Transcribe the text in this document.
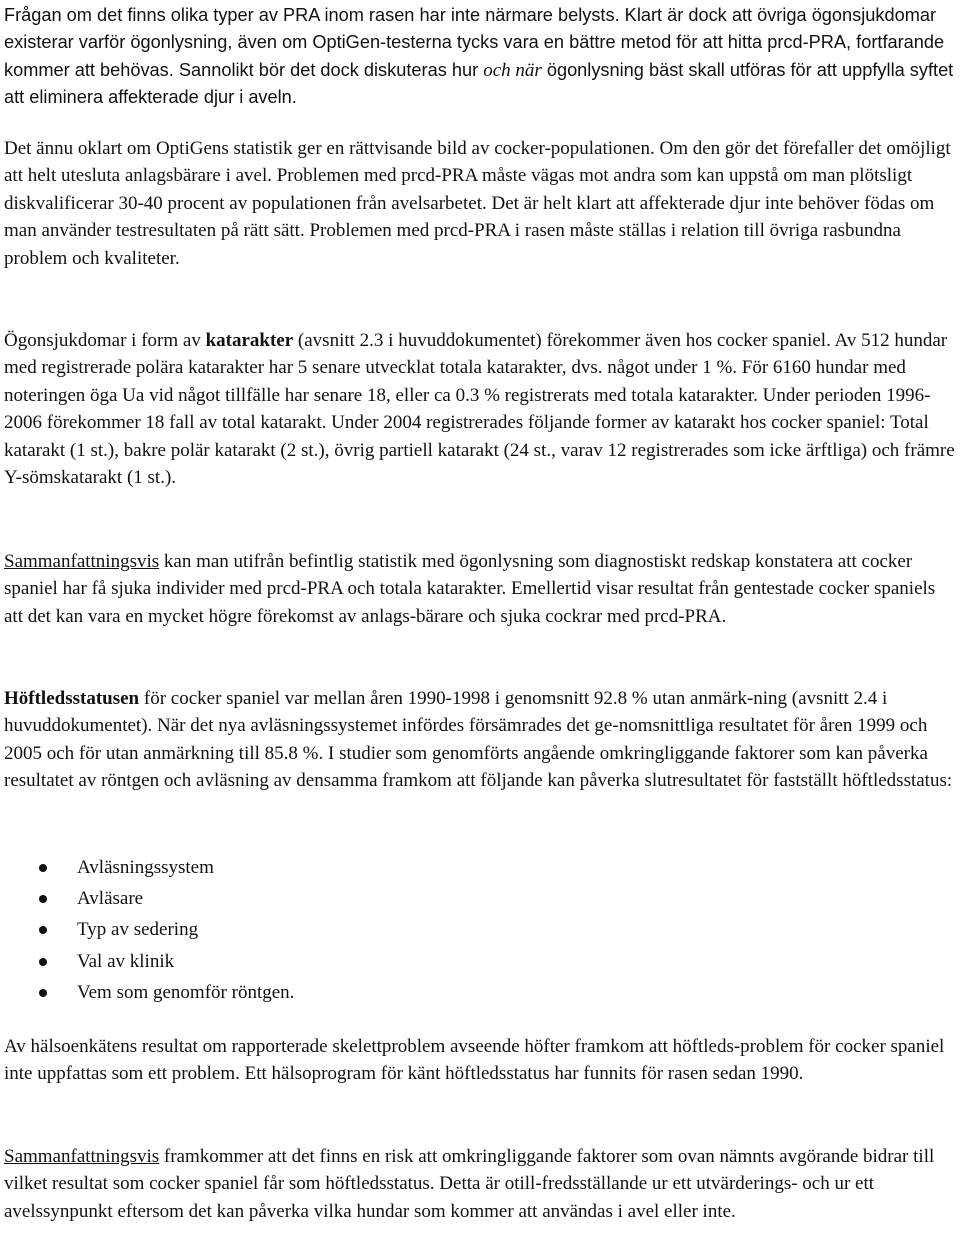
Frågan om det finns olika typer av PRA inom rasen har inte närmare belysts. Klart är dock att övriga ögonsjukdomar existerar varför ögonlysning, även om OptiGen-testerna tycks vara en bättre metod för att hitta prcd-PRA, fortfarande kommer att behövas. Sannolikt bör det dock diskuteras hur och när ögonlysning bäst skall utföras för att uppfylla syftet att eliminera affekterade djur i aveln.

Det ännu oklart om OptiGens statistik ger en rättvisande bild av cocker-populationen. Om den gör det förefaller det omöjligt att helt utesluta anlagsbärare i avel. Problemen med prcd-PRA måste vägas mot andra som kan uppstå om man plötsligt diskvalificerar 30-40 procent av populationen från avelsarbetet. Det är helt klart att affekterade djur inte behöver födas om man använder testresultaten på rätt sätt. Problemen med prcd-PRA i rasen måste ställas i relation till övriga rasbundna problem och kvaliteter.

Ögonsjukdomar i form av katarakter (avsnitt 2.3 i huvuddokumentet) förekommer även hos cocker spaniel. Av 512 hundar med registrerade polära katarakter har 5 senare utvecklat totala katarakter, dvs. något under 1 %. För 6160 hundar med noteringen öga Ua vid något tillfälle har senare 18, eller ca 0.3 % registrerats med totala katarakter. Under perioden 1996-2006 förekommer 18 fall av total katarakt. Under 2004 registrerades följande former av katarakt hos cocker spaniel: Total katarakt (1 st.), bakre polär katarakt (2 st.), övrig partiell katarakt (24 st., varav 12 registrerades som icke ärftliga) och främre Y-sömskatarakt (1 st.).

Sammanfattningsvis kan man utifrån befintlig statistik med ögonlysning som diagnostiskt redskap konstatera att cocker spaniel har få sjuka individer med prcd-PRA och totala katarakter. Emellertid visar resultat från gentestade cocker spaniels att det kan vara en mycket högre förekomst av anlags-bärare och sjuka cockrar med prcd-PRA.

Höftledsstatusen för cocker spaniel var mellan åren 1990-1998 i genomsnitt 92.8 % utan anmärk-ning (avsnitt 2.4 i huvuddokumentet). När det nya avläsningssystemet infördes försämrades det ge-nomsnittliga resultatet för åren 1999 och 2005 och för utan anmärkning till 85.8 %. I studier som genomförts angående omkringliggande faktorer som kan påverka resultatet av röntgen och avläsning av densamma framkom att följande kan påverka slutresultatet för fastställt höftledsstatus:

Avläsningssystem
Avläsare
Typ av sedering
Val av klinik
Vem som genomför röntgen.

Av hälsoenkätens resultat om rapporterade skelettproblem avseende höfter framkom att höftleds-problem för cocker spaniel inte uppfattas som ett problem. Ett hälsoprogram för känt höftledsstatus har funnits för rasen sedan 1990.

Sammanfattningsvis framkommer att det finns en risk att omkringliggande faktorer som ovan nämnts avgörande bidrar till vilket resultat som cocker spaniel får som höftledsstatus. Detta är otill-fredsställande ur ett utvärderings- och ur ett avelssynpunkt eftersom det kan påverka vilka hundar som kommer att användas i avel eller inte.
